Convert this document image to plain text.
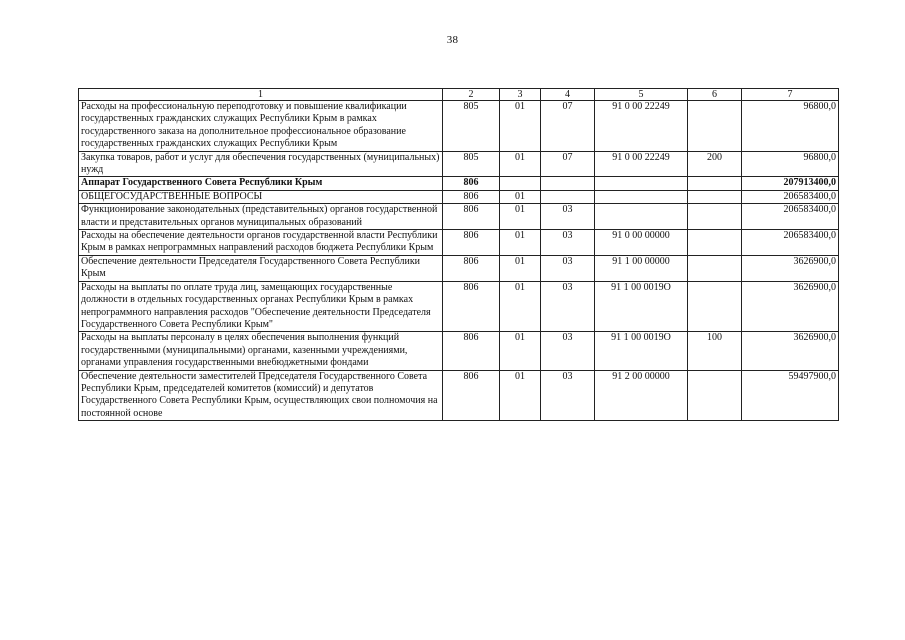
38
1	2	3	4	5	6	7
Расходы на профессиональную переподготовку и повышение квалификации государственных гражданских служащих Республики Крым в рамках государственного заказа на дополнительное профессиональное образование государственных гражданских служащих Республики Крым	805	01	07	91 0 00 22249		96800,0
Закупка товаров, работ и услуг для обеспечения государственных (муниципальных) нужд	805	01	07	91 0 00 22249	200	96800,0
Аппарат Государственного Совета Республики Крым	806					207913400,0
ОБЩЕГОСУДАРСТВЕННЫЕ ВОПРОСЫ	806	01				206583400,0
Функционирование законодательных (представительных) органов государственной власти и представительных органов муниципальных образований	806	01	03			206583400,0
Расходы на обеспечение деятельности органов государственной власти Республики Крым в рамках непрограммных направлений расходов бюджета Республики Крым	806	01	03	91 0 00 00000		206583400,0
Обеспечение деятельности Председателя Государственного Совета Республики Крым	806	01	03	91 1 00 00000		3626900,0
Расходы на выплаты по оплате труда лиц, замещающих государственные должности в отдельных государственных органах Республики Крым в рамках непрограммного направления расходов "Обеспечение деятельности Председателя Государственного Совета Республики Крым"	806	01	03	91 1 00 0019О		3626900,0
Расходы на выплаты персоналу в целях обеспечения выполнения функций государственными (муниципальными) органами, казенными учреждениями, органами управления государственными внебюджетными фондами	806	01	03	91 1 00 0019О	100	3626900,0
Обеспечение деятельности заместителей Председателя Государственного Совета Республики Крым, председателей комитетов (комиссий) и депутатов Государственного Совета Республики Крым, осуществляющих свои полномочия на постоянной основе	806	01	03	91 2 00 00000		59497900,0
